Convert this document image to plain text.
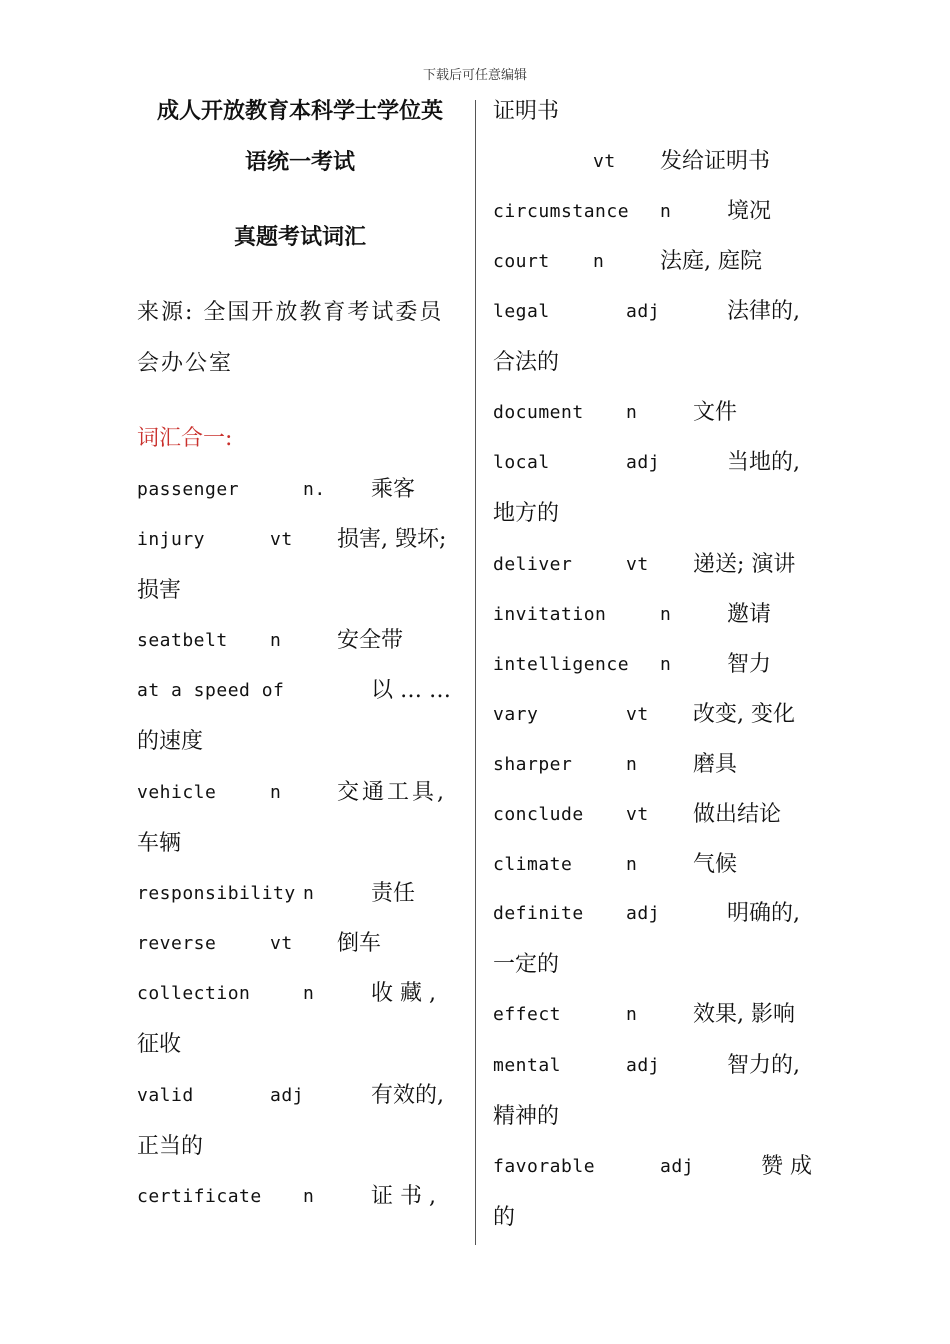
下载后可任意编辑
成人开放教育本科学士学位英
语统一考试
真题考试词汇
来源: 全国开放教育考试委员
会办公室
词汇合一:
passenger	n. 乘客
injury	vt 损害, 毁坏;
损害
seatbelt n	安全带
at a speed of	以 … …
的速度
vehicle	n	交通工具,
车辆
responsibility n	责任
reverse	vt 倒车
collection	n	收 藏 ,
征收
valid	adj	有效的,
正当的
certificate n	证 书 ,
证明书
vt 发给证明书
circumstance n	境况
court n	法庭, 庭院
legal	adj	法律的,
合法的
document n	文件
local	adj	当地的,
地方的
deliver	vt 递送; 演讲
invitation	n	邀请
intelligence n	智力
vary	vt 改变, 变化
sharper	n	磨具
conclude vt 做出结论
climate	n	气候
definite adj	明确的,
一定的
effect	n	效果, 影响
mental	adj	智力的,
精神的
favorable	adj	赞 成
的
